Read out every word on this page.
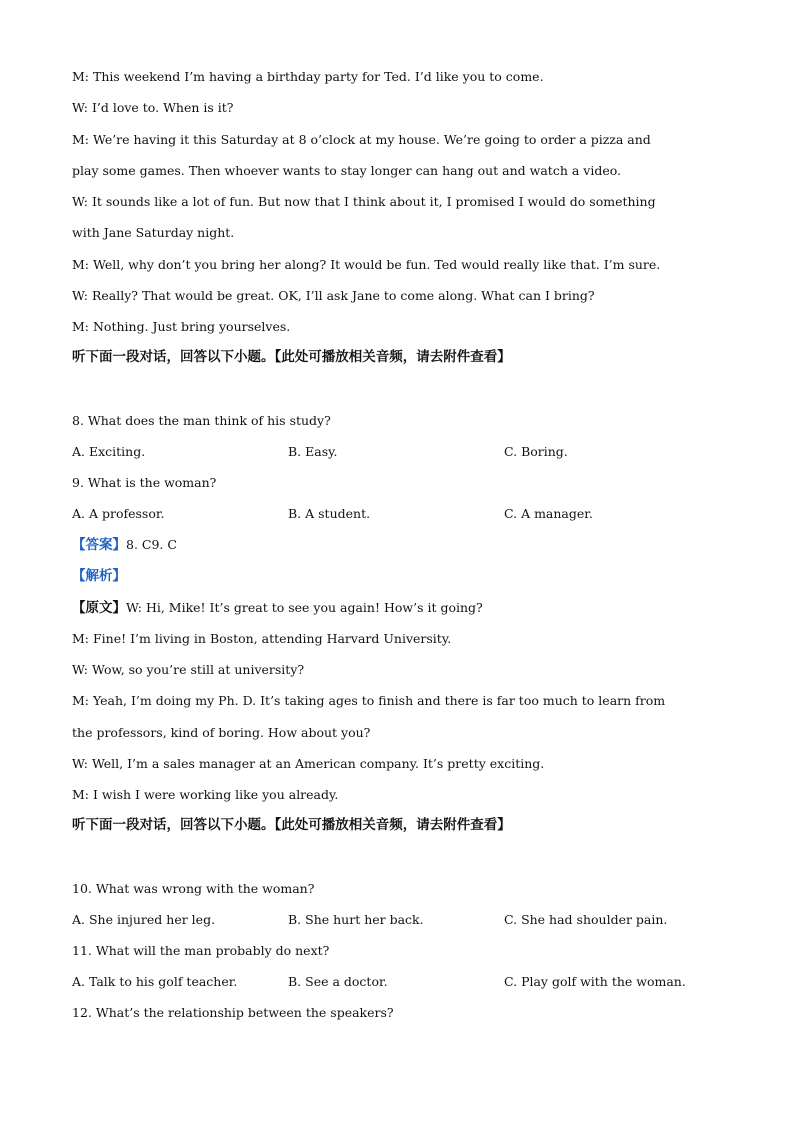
M: This weekend I’m having a birthday party for Ted. I’d like you to come.
W: I’d love to. When is it?
M: We’re having it this Saturday at 8 o’clock at my house. We’re going to order a pizza and
play some games. Then whoever wants to stay longer can hang out and watch a video.
W: It sounds like a lot of fun. But now that I think about it, I promised I would do something
with Jane Saturday night.
M: Well, why don’t you bring her along? It would be fun. Ted would really like that. I’m sure.
W: Really? That would be great. OK, I’ll ask Jane to come along. What can I bring?
M: Nothing. Just bring yourselves.
听下面一段对话，回答以下小题。【此处可播放相关音频，请去附件查看】
8. What does the man think of his study?
A. Exciting.	B. Easy.	C. Boring.
9. What is the woman?
A. A professor.	B. A student.	C. A manager.
【答案】8. C9. C
【解析】
【原文】W: Hi, Mike! It’s great to see you again! How’s it going?
M: Fine! I’m living in Boston, attending Harvard University.
W: Wow, so you’re still at university?
M: Yeah, I’m doing my Ph. D. It’s taking ages to finish and there is far too much to learn from
the professors, kind of boring. How about you?
W: Well, I’m a sales manager at an American company. It’s pretty exciting.
M: I wish I were working like you already.
听下面一段对话，回答以下小题。【此处可播放相关音频，请去附件查看】
10. What was wrong with the woman?
A. She injured her leg.	B. She hurt her back.	C. She had shoulder pain.
11. What will the man probably do next?
A. Talk to his golf teacher.	B. See a doctor.	C. Play golf with the woman.
12. What’s the relationship between the speakers?
